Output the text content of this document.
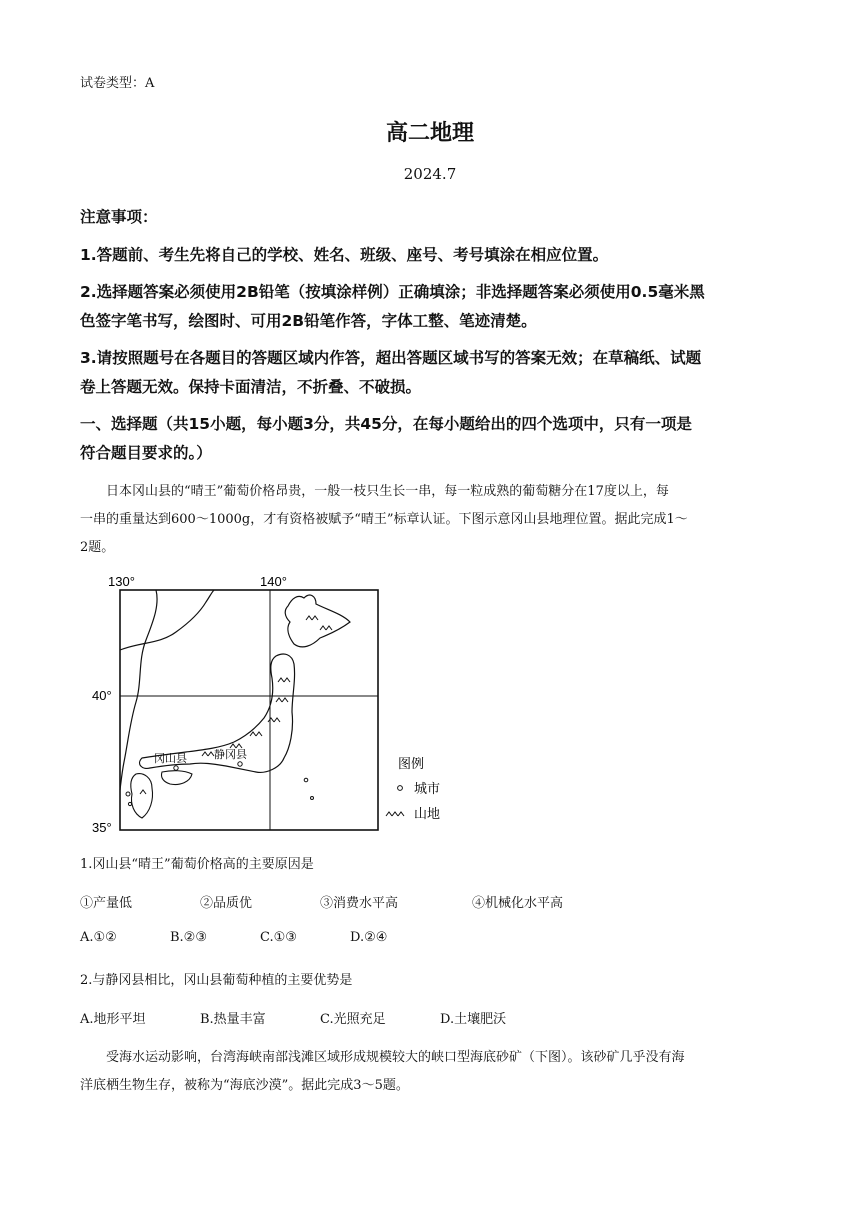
试卷类型：A
高二地理
2024.7
注意事项：
1.答题前、考生先将自己的学校、姓名、班级、座号、考号填涂在相应位置。
2.选择题答案必须使用2B铅笔（按填涂样例）正确填涂；非选择题答案必须使用0.5毫米黑
色签字笔书写，绘图时、可用2B铅笔作答，字体工整、笔迹清楚。
3.请按照题号在各题目的答题区域内作答，超出答题区域书写的答案无效；在草稿纸、试题
卷上答题无效。保持卡面清洁，不折叠、不破损。
一、选择题（共15小题，每小题3分，共45分，在每小题给出的四个选项中，只有一项是
符合题目要求的。）
日本冈山县的“晴王”葡萄价格昂贵，一般一枝只生长一串，每一粒成熟的葡萄糖分在17度以上，每
一串的重量达到600～1000g，才有资格被赋予“晴王”标章认证。下图示意冈山县地理位置。据此完成1～
2题。
130°	140°
40°
35°
冈山县 静冈县
图例
城市
山地
1.冈山县“晴王”葡萄价格高的主要原因是
①产量低	②品质优	③消费水平高	④机械化水平高
A.①②	B.②③	C.①③	D.②④
2.与静冈县相比，冈山县葡萄种植的主要优势是
A.地形平坦	B.热量丰富	C.光照充足	D.土壤肥沃
受海水运动影响，台湾海峡南部浅滩区域形成规模较大的峡口型海底砂矿（下图）。该砂矿几乎没有海
洋底栖生物生存，被称为“海底沙漠”。据此完成3～5题。
